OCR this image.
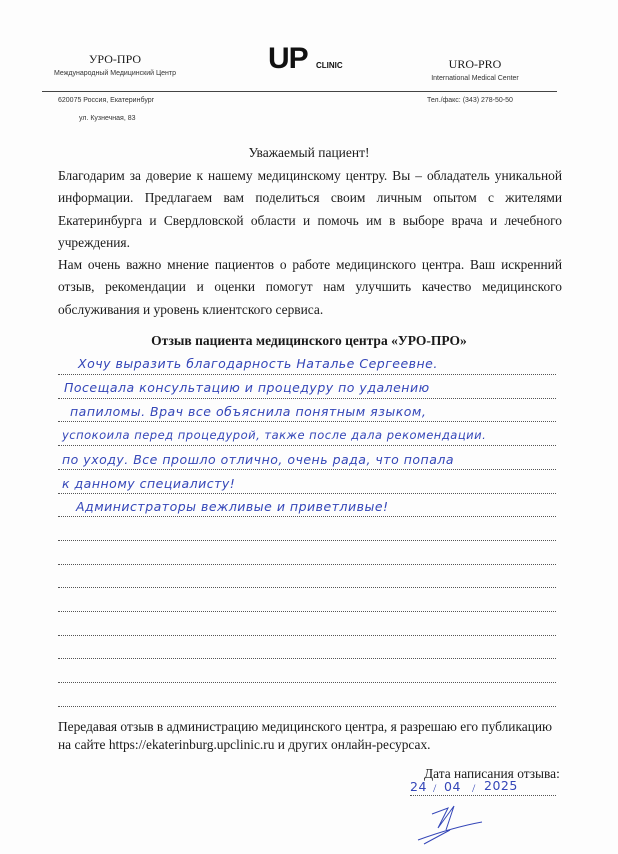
УРО-ПРО
Международный Медицинский Центр	UP CLINIC	URO-PRO
International Medical Center
620075 Россия, Екатеринбург
ул. Кузнечная, 83
Тел./факс: (343) 278-50-50
Уважаемый пациент!

Благодарим за доверие к нашему медицинскому центру. Вы – обладатель уникальной информации. Предлагаем вам поделиться своим личным опытом с жителями Екатеринбурга и Свердловской области и помочь им в выборе врача и лечебного учреждения.

Нам очень важно мнение пациентов о работе медицинского центра. Ваш искренний отзыв, рекомендации и оценки помогут нам улучшить качество медицинского обслуживания и уровень клиентского сервиса.

Отзыв пациента медицинского центра «УРО-ПРО»
Хочу выразить благодарность Наталье Сергеевне.
Посещала консультацию и процедуру по удалению
папиломы. Врач все объяснила понятным языком,
успокоила перед процедурой, также после дала рекомендации.
по уходу. Все прошло отлично, очень рада, что попала
к данному специалисту!
Администраторы вежливые и приветливые!
Передавая отзыв в администрацию медицинского центра, я разрешаю его публикацию на сайте https://ekaterinburg.upclinic.ru и других онлайн-ресурсах.
Дата написания отзыва:
24 / 04 / 2025
